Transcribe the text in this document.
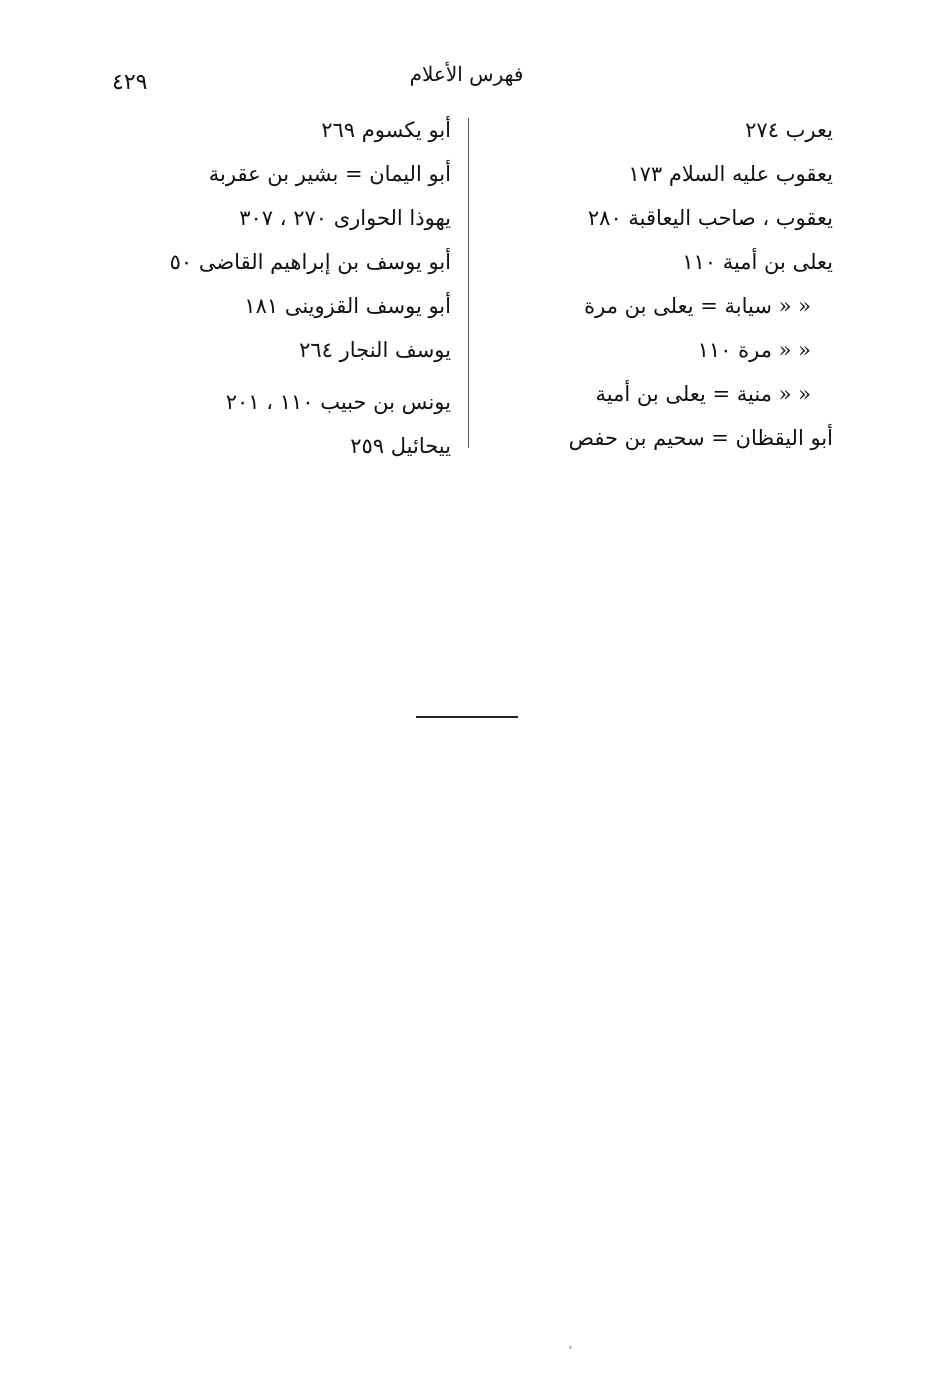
٤٢٩	فهرس الأعلام
يعرب ٢٧٤
يعقوب عليه السلام ١٧٣
يعقوب ، صاحب اليعاقبة ٢٨٠
يعلى بن أمية ١١٠
« « سيابة = يعلى بن مرة
« « مرة ١١٠
« « منية = يعلى بن أمية
أبو اليقظان = سحيم بن حفص
أبو يكسوم ٢٦٩
أبو اليمان = بشير بن عقربة
يهوذا الحوارى ٢٧٠ ، ٣٠٧
أبو يوسف بن إبراهيم القاضى ٥٠
أبو يوسف القزوينى ١٨١
يوسف النجار ٢٦٤
يونس بن حبيب ١١٠ ، ٢٠١
ييحائيل ٢٥٩
